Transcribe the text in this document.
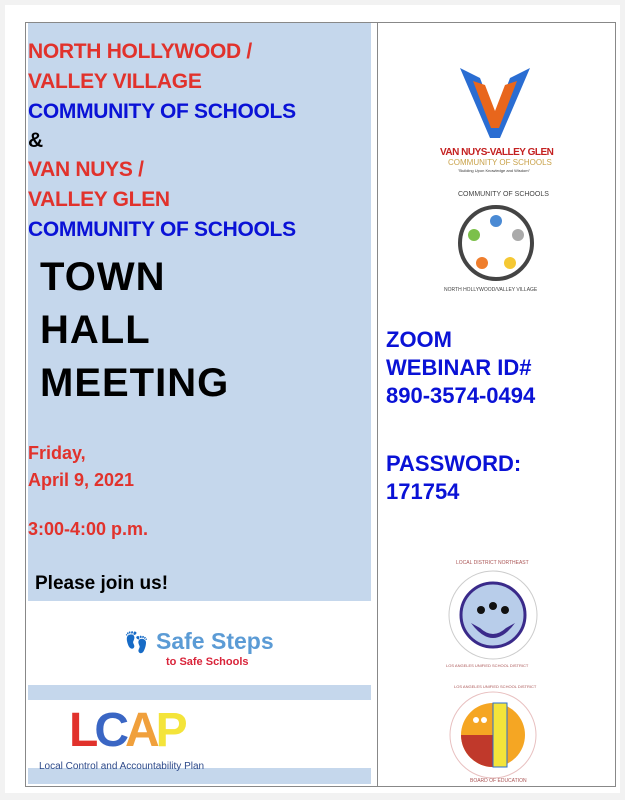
NORTH HOLLYWOOD /
VALLEY VILLAGE
COMMUNITY OF SCHOOLS
&
VAN NUYS /
VALLEY GLEN
COMMUNITY OF SCHOOLS
TOWN
HALL
MEETING
Friday,
April 9, 2021
3:00-4:00 p.m.
Please join us!
👣 Safe Steps
to Safe Schools
LCAP
Local Control and Accountability Plan
VAN NUYS-VALLEY GLEN
COMMUNITY OF SCHOOLS
"Building Upon Knowledge and Wisdom"
COMMUNITY OF SCHOOLS
NORTH HOLLYWOOD/VALLEY VILLAGE
ZOOM
WEBINAR ID#
890-3574-0494
PASSWORD:
171754
LOCAL DISTRICT NORTHEAST
LOS ANGELES UNIFIED SCHOOL DISTRICT
LOS ANGELES UNIFIED SCHOOL DISTRICT
BOARD OF EDUCATION
